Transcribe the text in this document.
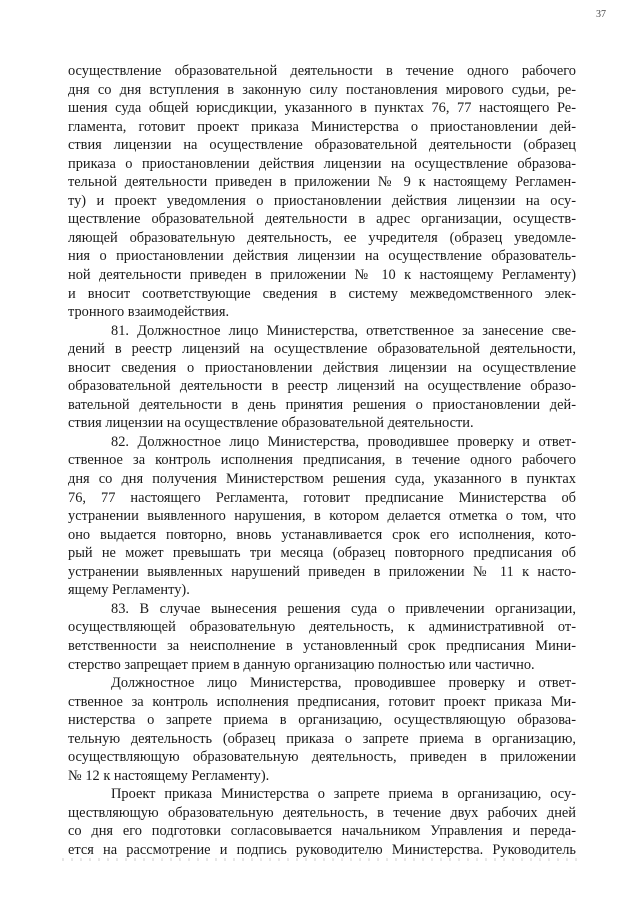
37
осуществление образовательной деятельности в течение одного рабочего
дня со дня вступления в законную силу постановления мирового судьи, ре-
шения суда общей юрисдикции, указанного в пунктах 76, 77 настоящего Ре-
гламента, готовит проект приказа Министерства о приостановлении дей-
ствия лицензии на осуществление образовательной деятельности (образец
приказа о приостановлении действия лицензии на осуществление образова-
тельной деятельности приведен в приложении № 9 к настоящему Регламен-
ту) и проект уведомления о приостановлении действия лицензии на осу-
ществление образовательной деятельности в адрес организации, осуществ-
ляющей образовательную деятельность, ее учредителя (образец уведомле-
ния о приостановлении действия лицензии на осуществление образователь-
ной деятельности приведен в приложении № 10 к настоящему Регламенту)
и вносит соответствующие сведения в систему межведомственного элек-
тронного взаимодействия.
81. Должностное лицо Министерства, ответственное за занесение све-
дений в реестр лицензий на осуществление образовательной деятельности,
вносит сведения о приостановлении действия лицензии на осуществление
образовательной деятельности в реестр лицензий на осуществление образо-
вательной деятельности в день принятия решения о приостановлении дей-
ствия лицензии на осуществление образовательной деятельности.
82. Должностное лицо Министерства, проводившее проверку и ответ-
ственное за контроль исполнения предписания, в течение одного рабочего
дня со дня получения Министерством решения суда, указанного в пунктах
76, 77 настоящего Регламента, готовит предписание Министерства об
устранении выявленного нарушения, в котором делается отметка о том, что
оно выдается повторно, вновь устанавливается срок его исполнения, кото-
рый не может превышать три месяца (образец повторного предписания об
устранении выявленных нарушений приведен в приложении № 11 к насто-
ящему Регламенту).
83. В случае вынесения решения суда о привлечении организации,
осуществляющей образовательную деятельность, к административной от-
ветственности за неисполнение в установленный срок предписания Мини-
стерство запрещает прием в данную организацию полностью или частично.
Должностное лицо Министерства, проводившее проверку и ответ-
ственное за контроль исполнения предписания, готовит проект приказа Ми-
нистерства о запрете приема в организацию, осуществляющую образова-
тельную деятельность (образец приказа о запрете приема в организацию,
осуществляющую образовательную деятельность, приведен в приложении
№ 12 к настоящему Регламенту).
Проект приказа Министерства о запрете приема в организацию, осу-
ществляющую образовательную деятельность, в течение двух рабочих дней
со дня его подготовки согласовывается начальником Управления и переда-
ется на рассмотрение и подпись руководителю Министерства. Руководитель
